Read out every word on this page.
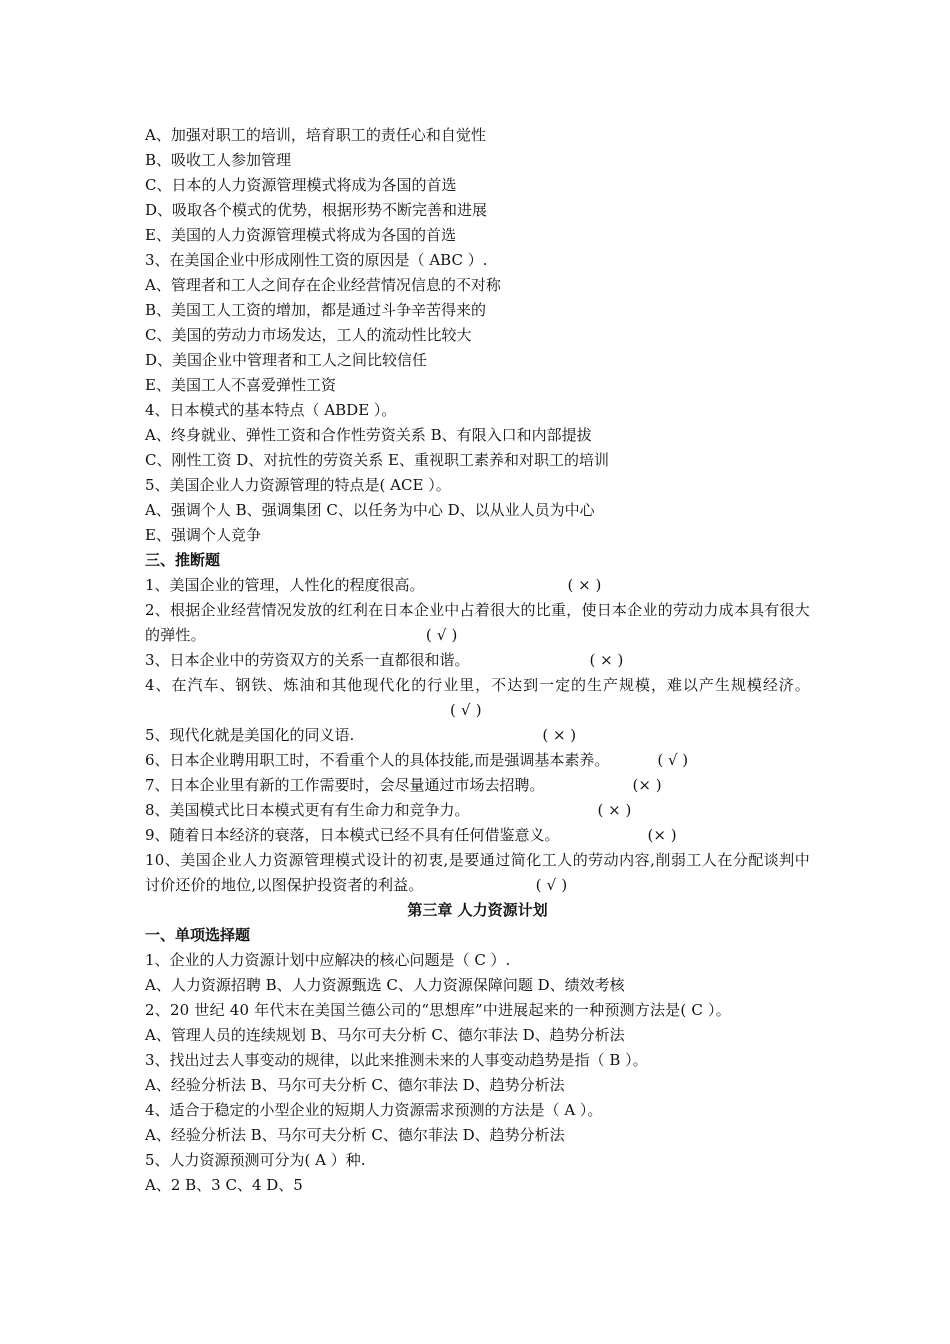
A、加强对职工的培训，培育职工的责任心和自觉性
B、吸收工人参加管理
C、日本的人力资源管理模式将成为各国的首选
D、吸取各个模式的优势，根据形势不断完善和进展
E、美国的人力资源管理模式将成为各国的首选
3、在美国企业中形成刚性工资的原因是（ ABC ）.
A、管理者和工人之间存在企业经营情况信息的不对称
B、美国工人工资的增加，都是通过斗争辛苦得来的
C、美国的劳动力市场发达，工人的流动性比较大
D、美国企业中管理者和工人之间比较信任
E、美国工人不喜爱弹性工资
4、日本模式的基本特点（ ABDE ）。
A、终身就业、弹性工资和合作性劳资关系 B、有限入口和内部提拔
C、刚性工资 D、对抗性的劳资关系 E、重视职工素养和对职工的培训
5、美国企业人力资源管理的特点是( ACE ）。
A、强调个人 B、强调集团 C、以任务为中心 D、以从业人员为中心
E、强调个人竞争
三、推断题
1、美国企业的管理，人性化的程度很高。	( × )
2、根据企业经营情况发放的红利在日本企业中占着很大的比重，使日本企业的劳动力成本具有很大的弹性。	( √ )
3、日本企业中的劳资双方的关系一直都很和谐。	( × )
4、在汽车、钢铁、炼油和其他现代化的行业里，不达到一定的生产规模，难以产生规模经济。( √ )
5、现代化就是美国化的同义语.	( × )
6、日本企业聘用职工时，不看重个人的具体技能,而是强调基本素养。	( √ )
7、日本企业里有新的工作需要时，会尽量通过市场去招聘。	(× )
8、美国模式比日本模式更有有生命力和竞争力。	( × )
9、随着日本经济的衰落，日本模式已经不具有任何借鉴意义。	(× )
10、美国企业人力资源管理模式设计的初衷,是要通过简化工人的劳动内容,削弱工人在分配谈判中讨价还价的地位,以图保护投资者的利益。	( √ )
第三章 人力资源计划
一、单项选择题
1、企业的人力资源计划中应解决的核心问题是（ C ）.
A、人力资源招聘 B、人力资源甄选 C、人力资源保障问题 D、绩效考核
2、20 世纪 40 年代末在美国兰德公司的“思想库”中进展起来的一种预测方法是( C ）。
A、管理人员的连续规划 B、马尔可夫分析 C、德尔菲法 D、趋势分析法
3、找出过去人事变动的规律，以此来推测未来的人事变动趋势是指（ B ）。
A、经验分析法 B、马尔可夫分析 C、德尔菲法 D、趋势分析法
4、适合于稳定的小型企业的短期人力资源需求预测的方法是（ A ）。
A、经验分析法 B、马尔可夫分析 C、德尔菲法 D、趋势分析法
5、人力资源预测可分为( A ）种.
A、2 B、3 C、4 D、5
